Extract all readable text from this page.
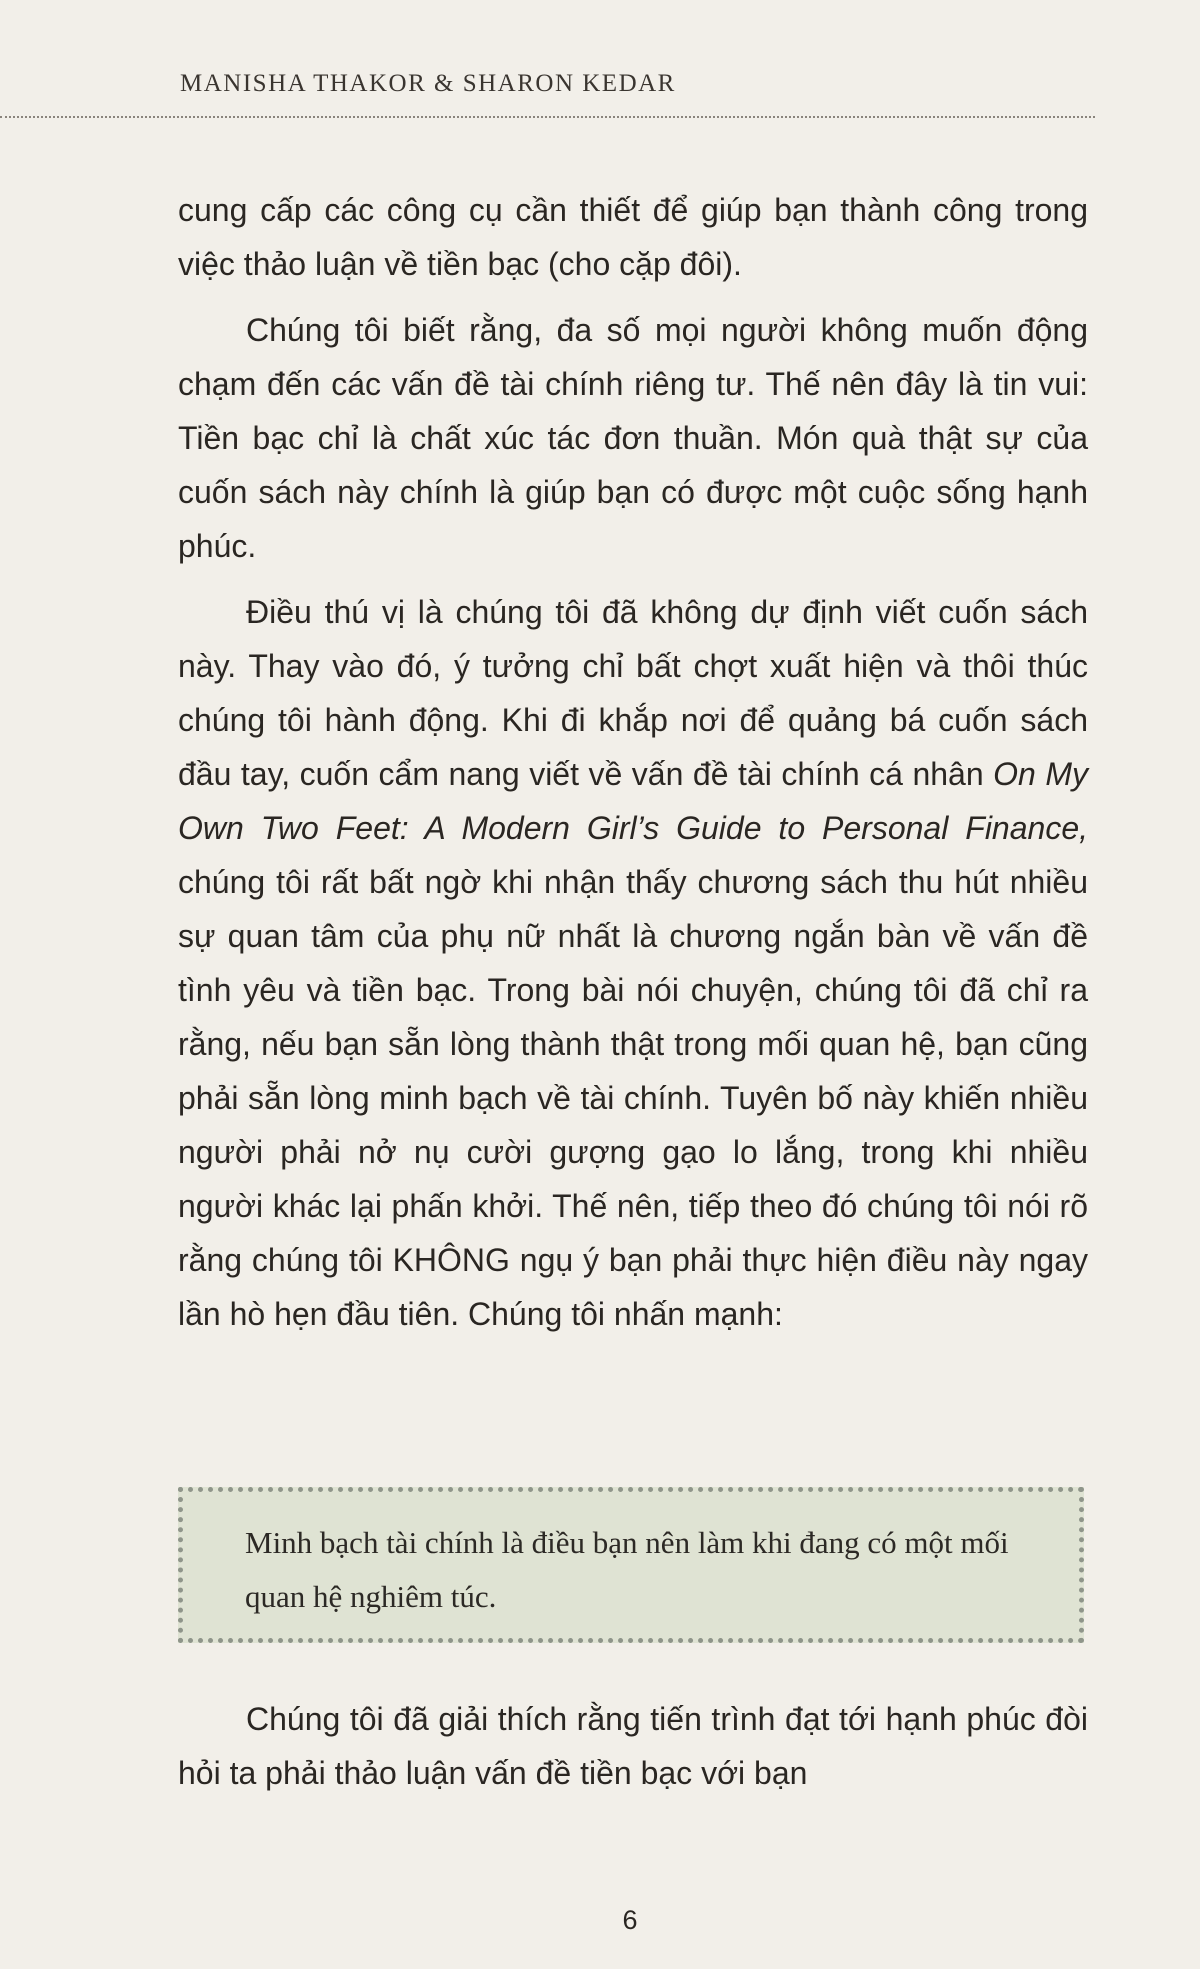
MANISHA THAKOR & SHARON KEDAR

cung cấp các công cụ cần thiết để giúp bạn thành công trong việc thảo luận về tiền bạc (cho cặp đôi).

Chúng tôi biết rằng, đa số mọi người không muốn động chạm đến các vấn đề tài chính riêng tư. Thế nên đây là tin vui: Tiền bạc chỉ là chất xúc tác đơn thuần. Món quà thật sự của cuốn sách này chính là giúp bạn có được một cuộc sống hạnh phúc.

Điều thú vị là chúng tôi đã không dự định viết cuốn sách này. Thay vào đó, ý tưởng chỉ bất chợt xuất hiện và thôi thúc chúng tôi hành động. Khi đi khắp nơi để quảng bá cuốn sách đầu tay, cuốn cẩm nang viết về vấn đề tài chính cá nhân On My Own Two Feet: A Modern Girl’s Guide to Personal Finance, chúng tôi rất bất ngờ khi nhận thấy chương sách thu hút nhiều sự quan tâm của phụ nữ nhất là chương ngắn bàn về vấn đề tình yêu và tiền bạc. Trong bài nói chuyện, chúng tôi đã chỉ ra rằng, nếu bạn sẵn lòng thành thật trong mối quan hệ, bạn cũng phải sẵn lòng minh bạch về tài chính. Tuyên bố này khiến nhiều người phải nở nụ cười gượng gạo lo lắng, trong khi nhiều người khác lại phấn khởi. Thế nên, tiếp theo đó chúng tôi nói rõ rằng chúng tôi KHÔNG ngụ ý bạn phải thực hiện điều này ngay lần hò hẹn đầu tiên. Chúng tôi nhấn mạnh:

Minh bạch tài chính là điều bạn nên làm khi đang có một mối quan hệ nghiêm túc.

Chúng tôi đã giải thích rằng tiến trình đạt tới hạnh phúc đòi hỏi ta phải thảo luận vấn đề tiền bạc với bạn

6
